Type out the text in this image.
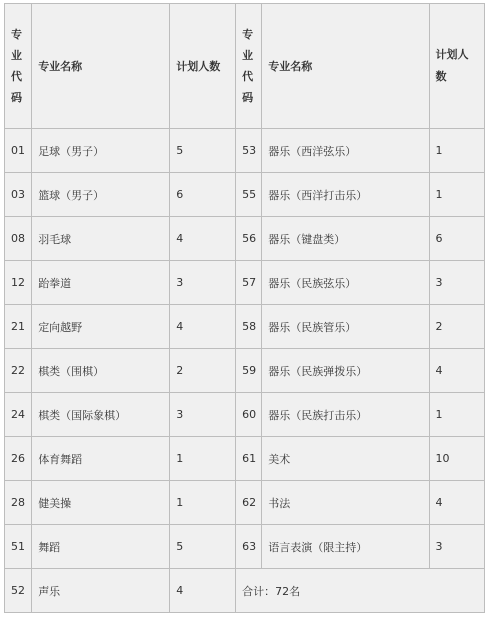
专业代码	专业名称	计划人数	专业代码	专业名称	计划人数

01	足球（男子）	5	53	器乐（西洋弦乐）	1
03	篮球（男子）	6	55	器乐（西洋打击乐）	1
08	羽毛球	4	56	器乐（键盘类）	6
12	跆拳道	3	57	器乐（民族弦乐）	3
21	定向越野	4	58	器乐（民族管乐）	2
22	棋类（围棋）	2	59	器乐（民族弹拨乐）	4
24	棋类（国际象棋）	3	60	器乐（民族打击乐）	1
26	体育舞蹈	1	61	美术	10
28	健美操	1	62	书法	4
51	舞蹈	5	63	语言表演（限主持）	3
52	声乐	4	合计：72名		
